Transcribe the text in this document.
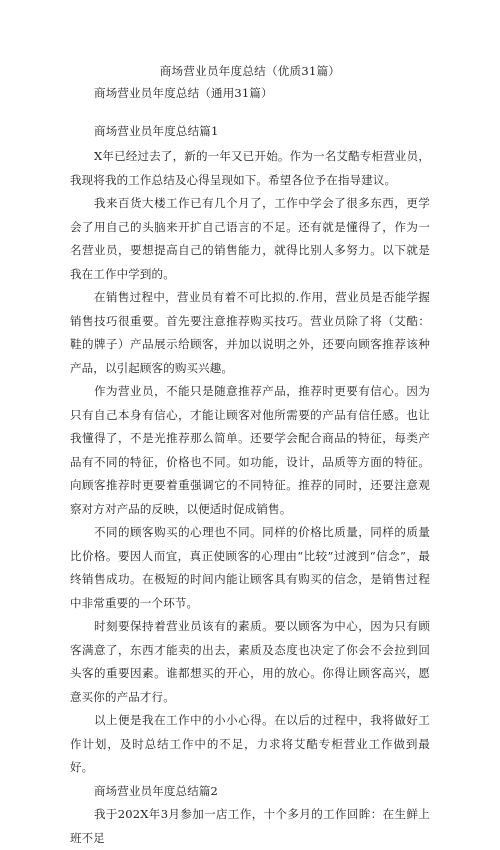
商场营业员年度总结（优质31篇）

商场营业员年度总结（通用31篇）

商场营业员年度总结篇1

X年已经过去了，新的一年又已开始。作为一名艾酷专柜营业员，我现将我的工作总结及心得呈现如下。希望各位予在指导建议。

我来百货大楼工作已有几个月了，工作中学会了很多东西，更学会了用自己的头脑来开扩自己语言的不足。还有就是懂得了，作为一名营业员，要想提高自己的销售能力，就得比别人多努力。以下就是我在工作中学到的。

在销售过程中，营业员有着不可比拟的.作用，营业员是否能学握销售技巧很重要。首先要注意推荐购买技巧。营业员除了将（艾酷：鞋的牌子）产品展示给顾客，并加以说明之外，还要向顾客推荐该种产品，以引起顾客的购买兴趣。

作为营业员，不能只是随意推荐产品，推荐时更要有信心。因为只有自己本身有信心，才能让顾客对他所需要的产品有信任感。也让我懂得了，不是光推荐那么简单。还要学会配合商品的特征，每类产品有不同的特征，价格也不同。如功能，设计，品质等方面的特征。向顾客推荐时更要着重强调它的不同特征。推荐的同时，还要注意观察对方对产品的反映，以便适时促成销售。

不同的顾客购买的心理也不同。同样的价格比质量，同样的质量比价格。要因人而宜，真正使顾客的心理由“比较”过渡到“信念”，最终销售成功。在极短的时间内能让顾客具有购买的信念，是销售过程中非常重要的一个环节。

时刻要保持着营业员该有的素质。要以顾客为中心，因为只有顾客满意了，东西才能卖的出去，素质及态度也决定了你会不会拉到回头客的重要因素。谁都想买的开心，用的放心。你得让顾客高兴，愿意买你的产品才行。

以上便是我在工作中的小小心得。在以后的过程中，我将做好工作计划，及时总结工作中的不足，力求将艾酷专柜营业工作做到最好。

商场营业员年度总结篇2

我于202X年3月参加一店工作，十个多月的工作回眸：在生鲜上班不足
